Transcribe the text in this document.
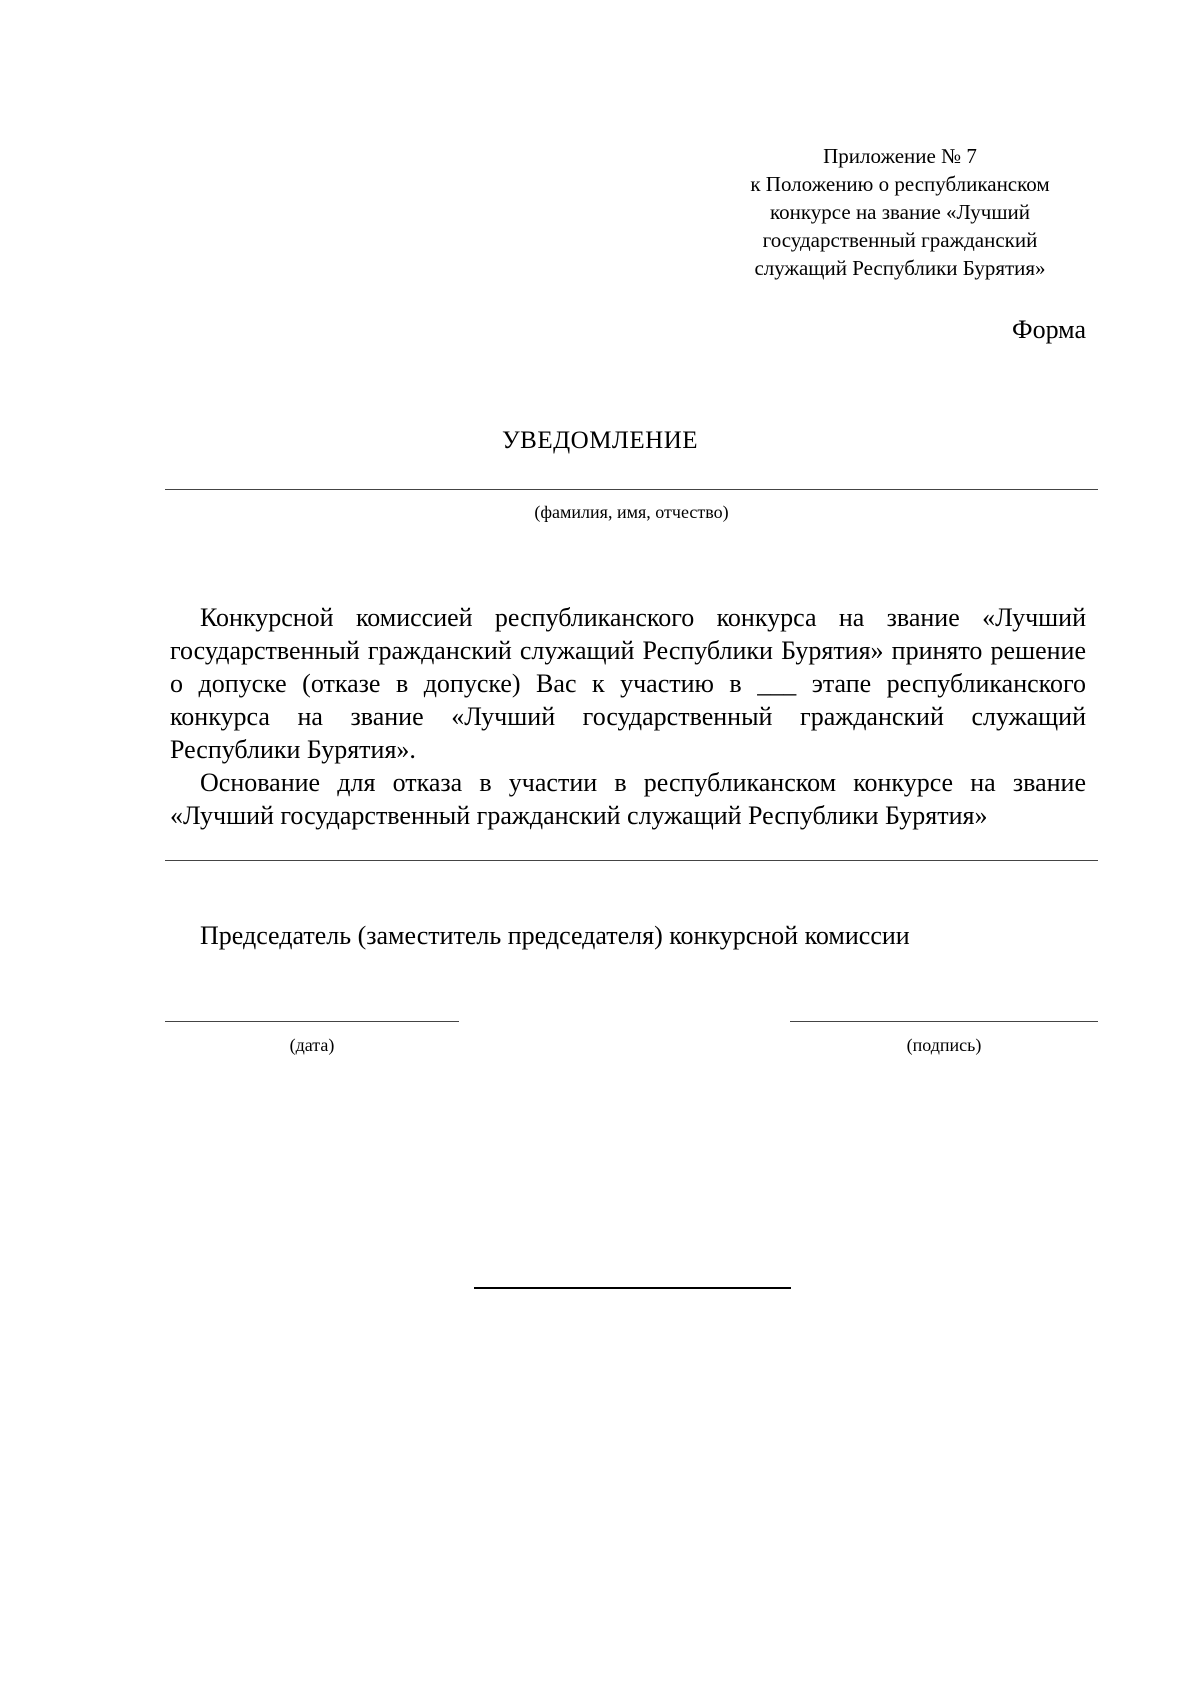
Приложение № 7
к Положению о республиканском
конкурсе на звание «Лучший
государственный гражданский
служащий Республики Бурятия»
Форма
УВЕДОМЛЕНИЕ
(фамилия, имя, отчество)

Конкурсной комиссией республиканского конкурса на звание «Лучший государственный гражданский служащий Республики Бурятия» принято решение о допуске (отказе в допуске) Вас к участию в ___ этапе республиканского конкурса на звание «Лучший государственный гражданский служащий Республики Бурятия».

Основание для отказа в участии в республиканском конкурсе на звание «Лучший государственный гражданский служащий Республики Бурятия»

Председатель (заместитель председателя) конкурсной комиссии
(дата)	(подпись)
